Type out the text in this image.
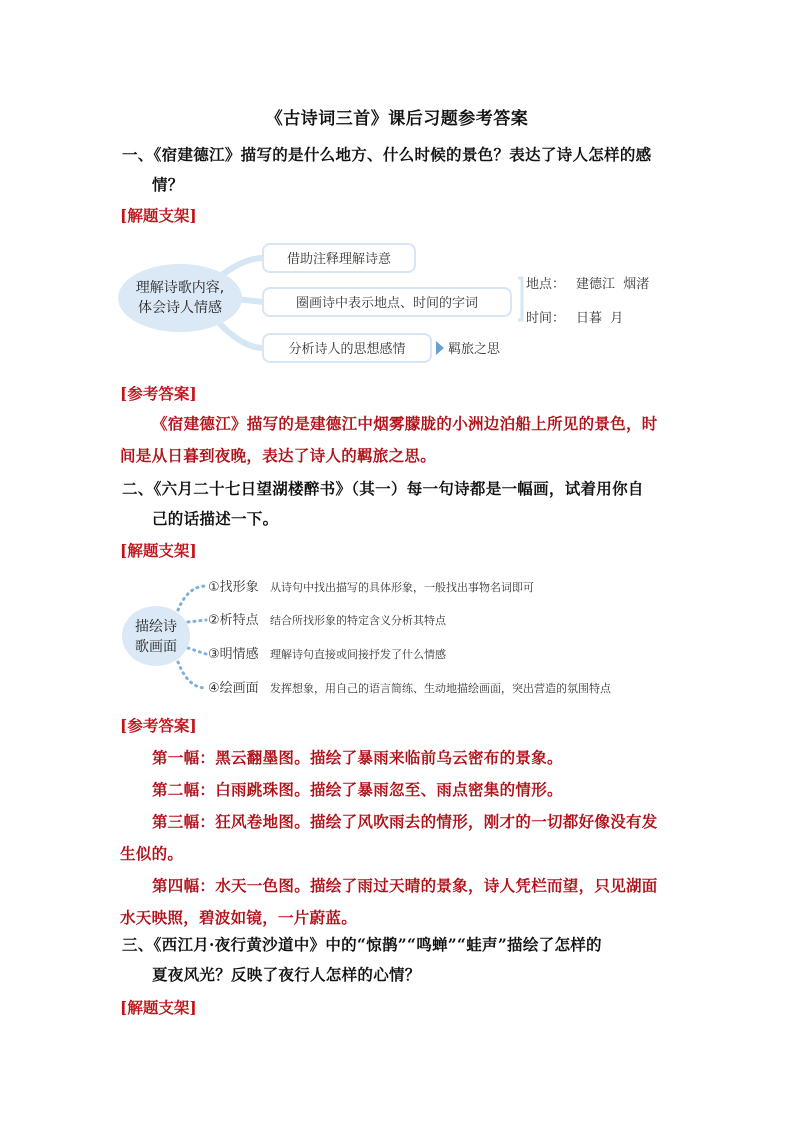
《古诗词三首》课后习题参考答案
一、《宿建德江》描写的是什么地方、什么时候的景色？表达了诗人怎样的感
情？
[解题支架]
理解诗歌内容,
体会诗人情感
借助注释理解诗意
圈画诗中表示地点、时间的字词
地点： 建德江  烟渚
时间： 日暮  月
分析诗人的思想感情	羁旅之思
[参考答案]

《宿建德江》描写的是建德江中烟雾朦胧的小洲边泊船上所见的景色，时

间是从日暮到夜晚，表达了诗人的羁旅之思。

二、《六月二十七日望湖楼醉书》（其一）每一句诗都是一幅画，试着用你自
己的话描述一下。
[解题支架]
描绘诗
歌画面
①找形象 从诗句中找出描写的具体形象，一般找出事物名词即可
②析特点 结合所找形象的特定含义分析其特点
③明情感 理解诗句直接或间接抒发了什么情感
④绘画面 发挥想象，用自己的语言简练、生动地描绘画面，突出营造的氛围特点
[参考答案]

第一幅：黑云翻墨图。描绘了暴雨来临前乌云密布的景象。

第二幅：白雨跳珠图。描绘了暴雨忽至、雨点密集的情形。

第三幅：狂风卷地图。描绘了风吹雨去的情形，刚才的一切都好像没有发

生似的。

第四幅：水天一色图。描绘了雨过天晴的景象，诗人凭栏而望，只见湖面

水天映照，碧波如镜，一片蔚蓝。

三、《西江月·夜行黄沙道中》中的“惊鹊”“鸣蝉”“蛙声”描绘了怎样的
夏夜风光？反映了夜行人怎样的心情？
[解题支架]
